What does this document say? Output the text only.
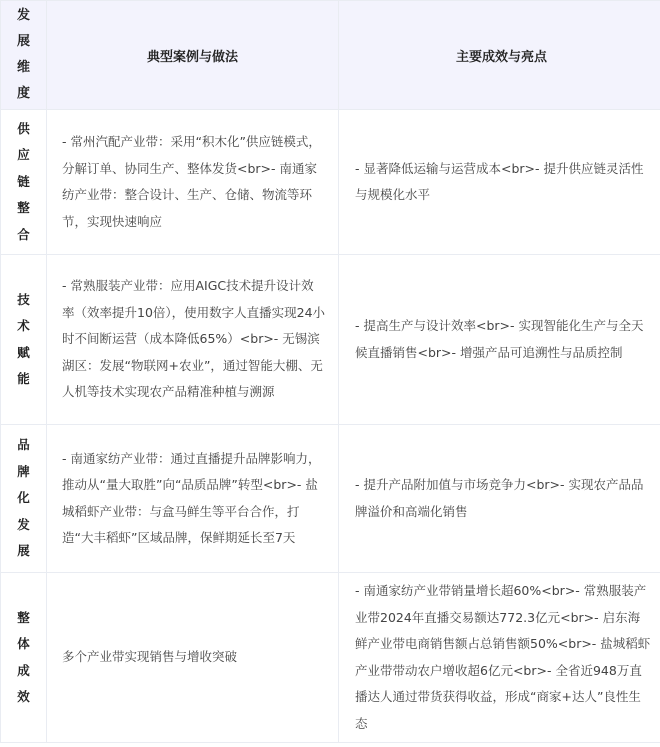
发
展
维
度	典型案例与做法	主要成效与亮点

供
应
链
整
合	- 常州汽配产业带：采用“积木化”供应链模式，分解订单、协同生产、整体发货<br>- 南通家纺产业带：整合设计、生产、仓储、物流等环节，实现快速响应	- 显著降低运输与运营成本<br>- 提升供应链灵活性与规模化水平

技
术
赋
能	- 常熟服装产业带：应用AIGC技术提升设计效率（效率提升10倍），使用数字人直播实现24小时不间断运营（成本降低65%）<br>- 无锡滨湖区：发展“物联网+农业”，通过智能大棚、无人机等技术实现农产品精准种植与溯源	- 提高生产与设计效率<br>- 实现智能化生产与全天候直播销售<br>- 增强产品可追溯性与品质控制

品
牌
化
发
展	- 南通家纺产业带：通过直播提升品牌影响力，推动从“量大取胜”向“品质品牌”转型<br>- 盐城稻虾产业带：与盒马鲜生等平台合作，打造“大丰稻虾”区域品牌，保鲜期延长至7天	- 提升产品附加值与市场竞争力<br>- 实现农产品品牌溢价和高端化销售

整
体
成
效	多个产业带实现销售与增收突破	- 南通家纺产业带销量增长超60%<br>- 常熟服装产业带2024年直播交易额达772.3亿元<br>- 启东海鲜产业带电商销售额占总销售额50%<br>- 盐城稻虾产业带带动农户增收超6亿元<br>- 全省近948万直播达人通过带货获得收益，形成“商家+达人”良性生态
